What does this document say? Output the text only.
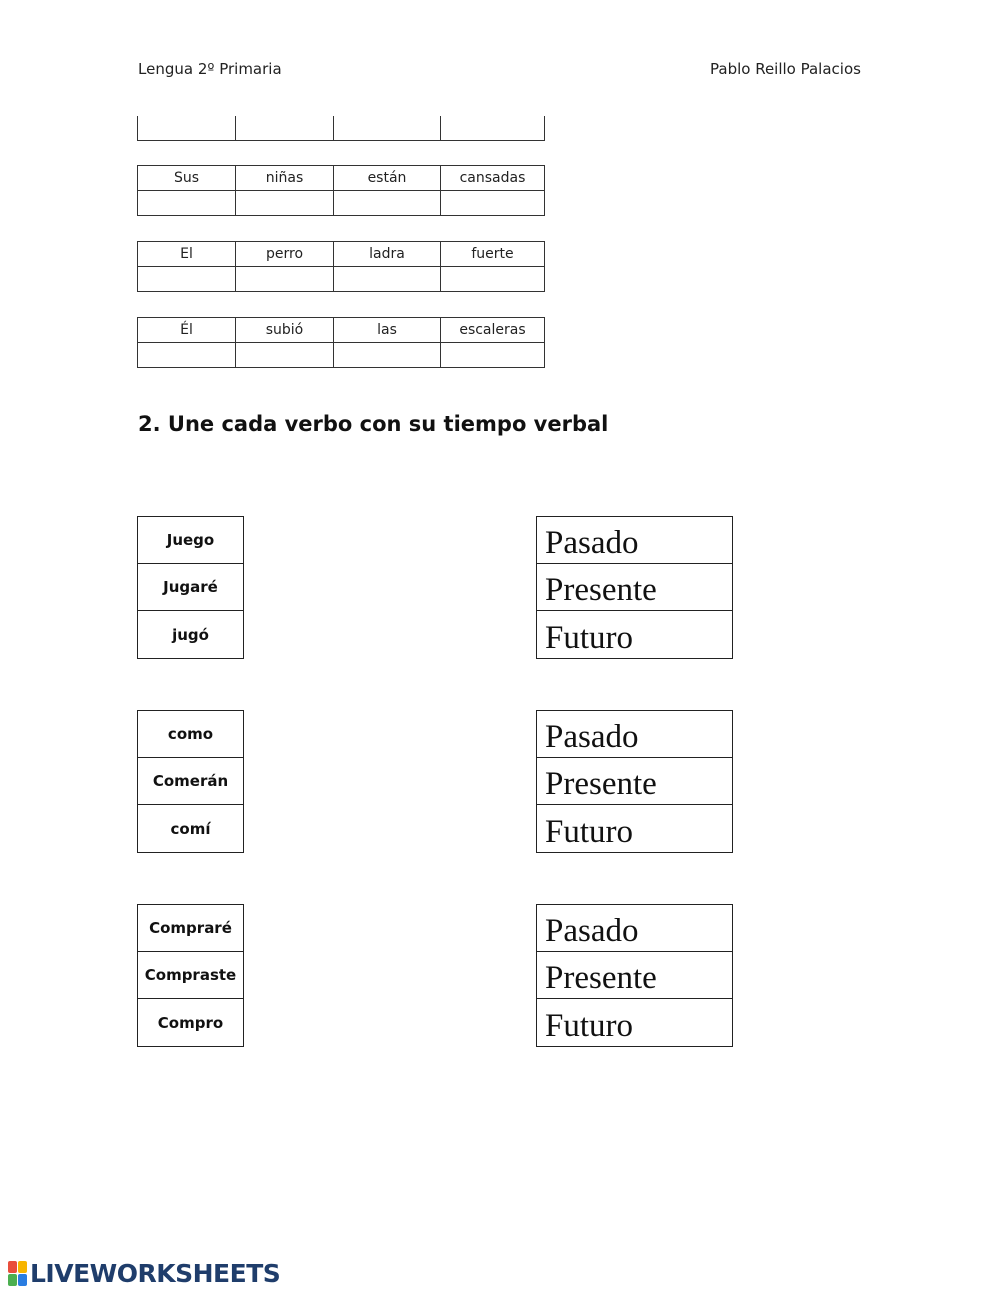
Lengua 2º Primaria	Pablo Reillo Palacios

Sus	niñas	están	cansadas

El	perro	ladra	fuerte

Él	subió	las	escaleras

2. Une cada verbo con su tiempo verbal
Juego
Jugaré
jugó
Pasado
Presente
Futuro
como
Comerán
comí
Pasado
Presente
Futuro
Compraré
Compraste
Compro
Pasado
Presente
Futuro
LIVEWORKSHEETS
